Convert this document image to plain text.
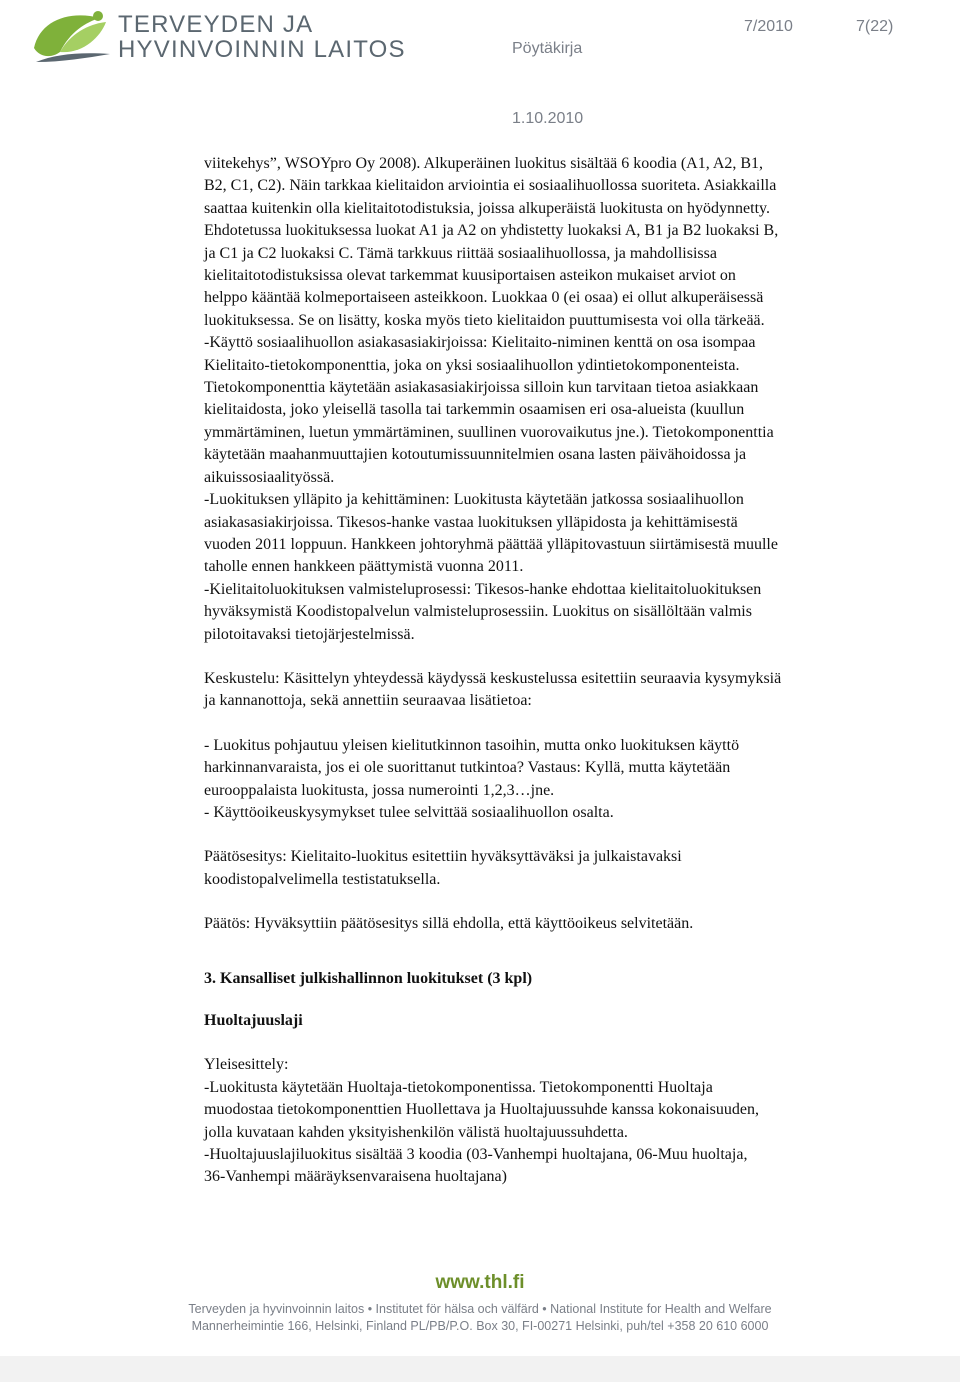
TERVEYDEN JA
HYVINVOINNIN LAITOS
7/2010	7(22)
Pöytäkirja
1.10.2010

viitekehys”, WSOYpro Oy 2008). Alkuperäinen luokitus sisältää 6 koodia (A1, A2, B1,

B2, C1, C2). Näin tarkkaa kielitaidon arviointia ei sosiaalihuollossa suoriteta. Asiakkailla

saattaa kuitenkin olla kielitaitotodistuksia, joissa alkuperäistä luokitusta on hyödynnetty.

Ehdotetussa luokituksessa luokat A1 ja A2 on yhdistetty luokaksi A, B1 ja B2 luokaksi B,

ja C1 ja C2 luokaksi C. Tämä tarkkuus riittää sosiaalihuollossa, ja mahdollisissa

kielitaitotodistuksissa olevat tarkemmat kuusiportaisen asteikon mukaiset arviot on

helppo kääntää kolmeportaiseen asteikkoon. Luokkaa 0 (ei osaa) ei ollut alkuperäisessä

luokituksessa. Se on lisätty, koska myös tieto kielitaidon puuttumisesta voi olla tärkeää.

-Käyttö sosiaalihuollon asiakasasiakirjoissa: Kielitaito-niminen kenttä on osa isompaa

Kielitaito-tietokomponenttia, joka on yksi sosiaalihuollon ydintietokomponenteista.

Tietokomponenttia käytetään asiakasasiakirjoissa silloin kun tarvitaan tietoa asiakkaan

kielitaidosta, joko yleisellä tasolla tai tarkemmin osaamisen eri osa-alueista (kuullun

ymmärtäminen, luetun ymmärtäminen, suullinen vuorovaikutus jne.). Tietokomponenttia

käytetään maahanmuuttajien kotoutumissuunnitelmien osana lasten päivähoidossa ja

aikuissosiaalityössä.

-Luokituksen ylläpito ja kehittäminen: Luokitusta käytetään jatkossa sosiaalihuollon

asiakasasiakirjoissa. Tikesos-hanke vastaa luokituksen ylläpidosta ja kehittämisestä

vuoden 2011 loppuun. Hankkeen johtoryhmä päättää ylläpitovastuun siirtämisestä muulle

taholle ennen hankkeen päättymistä vuonna 2011.

-Kielitaitoluokituksen valmisteluprosessi: Tikesos-hanke ehdottaa kielitaitoluokituksen

hyväksymistä Koodistopalvelun valmisteluprosessiin. Luokitus on sisällöltään valmis

pilotoitavaksi tietojärjestelmissä.

Keskustelu: Käsittelyn yhteydessä käydyssä keskustelussa esitettiin seuraavia kysymyksiä

ja kannanottoja, sekä annettiin seuraavaa lisätietoa:

- Luokitus pohjautuu yleisen kielitutkinnon tasoihin, mutta onko luokituksen käyttö

harkinnanvaraista, jos ei ole suorittanut tutkintoa? Vastaus: Kyllä, mutta käytetään

eurooppalaista luokitusta, jossa numerointi 1,2,3…jne.

- Käyttöoikeuskysymykset tulee selvittää sosiaalihuollon osalta.

Päätösesitys: Kielitaito-luokitus esitettiin hyväksyttäväksi ja julkaistavaksi

koodistopalvelimella testistatuksella.

Päätös: Hyväksyttiin päätösesitys sillä ehdolla, että käyttöoikeus selvitetään.

3. Kansalliset julkishallinnon luokitukset (3 kpl)

Huoltajuuslaji

Yleisesittely:

-Luokitusta käytetään Huoltaja-tietokomponentissa. Tietokomponentti Huoltaja

muodostaa tietokomponenttien Huollettava ja Huoltajuussuhde kanssa kokonaisuuden,

jolla kuvataan kahden yksityishenkilön välistä huoltajuussuhdetta.

-Huoltajuuslajiluokitus sisältää 3 koodia (03-Vanhempi huoltajana, 06-Muu huoltaja,

36-Vanhempi määräyksenvaraisena huoltajana)

www.thl.fi
Terveyden ja hyvinvoinnin laitos • Institutet för hälsa och välfärd • National Institute for Health and Welfare
Mannerheimintie 166, Helsinki, Finland PL/PB/P.O. Box 30, FI-00271 Helsinki, puh/tel +358 20 610 6000
